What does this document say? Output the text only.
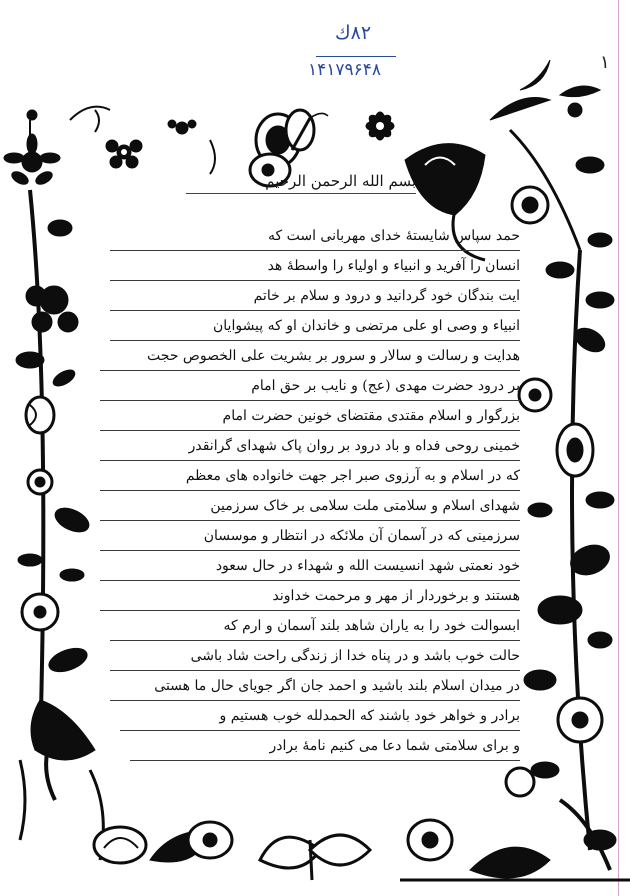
۸۲ك
۱۴۱۷۹۶۴۸	١
بسم الله الرحمن الرحيم
حمد سپاس شایستهٔ خدای مهربانی است که
انسان را آفرید و انبیاء و اولیاء را واسطهٔ هد
ایت بندگان خود گردانید و درود و سلام بر خاتم
انبیاء و وصی او علی مرتضی و خاندان او که پیشوایان
هدایت و رسالت و سالار و سرور بر بشریت علی الخصوص حجت
بر درود حضرت مهدی (عج) و نایب بر حق امام
بزرگوار و اسلام مقتدی مقتضای خونین حضرت امام
خمینی روحی فداه و باد درود بر روان پاک شهدای گرانقدر
که در اسلام و به آرزوی صبر اجر جهت خانواده های معظم
شهدای اسلام و سلامتی ملت سلامی بر خاک سرزمین
سرزمینی که در آسمان آن ملائکه در انتظار و موسسان
خود نعمتی شهد انسیست الله و شهداء در حال سعود
هستند و برخوردار از مهر و مرحمت خداوند
ابسوالت خود را به یاران شاهد بلند آسمان و ارم که
حالت خوب باشد و در پناه خدا از زندگی راحت شاد باشی
در میدان اسلام بلند باشید و احمد جان اگر جویای حال ما هستی
برادر و خواهر خود باشند که الحمدلله خوب هستیم و
و برای سلامتی شما دعا می کنیم نامهٔ برادر
